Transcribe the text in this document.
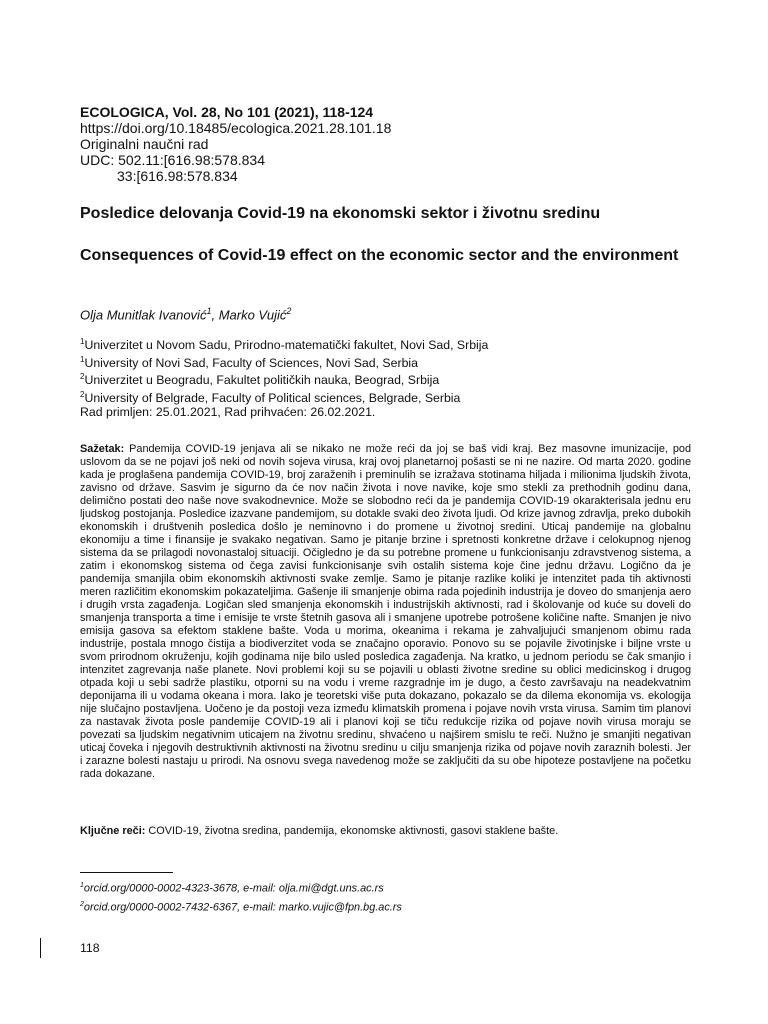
ECOLOGICA, Vol. 28, No 101 (2021), 118-124
https://doi.org/10.18485/ecologica.2021.28.101.18
Originalni naučni rad
UDC: 502.11:[616.98:578.834
33:[616.98:578.834
Posledice delovanja Covid-19 na ekonomski sektor i životnu sredinu
Consequences of Covid-19 effect on the economic sector and the environment
Olja Munitlak Ivanović$^1$, Marko Vujić$^2$
$^1$Univerzitet u Novom Sadu, Prirodno-matematički fakultet, Novi Sad, Srbija
$^1$University of Novi Sad, Faculty of Sciences, Novi Sad, Serbia
$^2$Univerzitet u Beogradu, Fakultet političkih nauka, Beograd, Srbija
$^2$University of Belgrade, Faculty of Political sciences, Belgrade, Serbia
Rad primljen: 25.01.2021, Rad prihvaćen: 26.02.2021.
Sažetak: Pandemija COVID-19 jenjava ali se nikako ne može reći da joj se baš vidi kraj. Bez masovne imunizacije, pod uslovom da se ne pojavi još neki od novih sojeva virusa, kraj ovoj planetarnoj pošasti se ni ne nazire. Od marta 2020. godine kada je proglašena pandemija COVID-19, broj zaraženih i preminulih se izražava stotinama hiljada i milionima ljudskih života, zavisno od države. Sasvim je sigurno da će nov način života i nove navike, koje smo stekli za prethodnih godinu dana, delimično postati deo naše nove svakodnevnice. Može se slobodno reći da je pandemija COVID-19 okarakterisala jednu eru ljudskog postojanja. Posledice izazvane pandemijom, su dotakle svaki deo života ljudi. Od krize javnog zdravlja, preko dubokih ekonomskih i društvenih posledica došlo je neminovno i do promene u životnoj sredini. Uticaj pandemije na globalnu ekonomiju a time i finansije je svakako negativan. Samo je pitanje brzine i spretnosti konkretne države i celokupnog njenog sistema da se prilagodi novonastaloj situaciji. Očigledno je da su potrebne promene u funkcionisanju zdravstvenog sistema, a zatim i ekonomskog sistema od čega zavisi funkcionisanje svih ostalih sistema koje čine jednu državu. Logično da je pandemija smanjila obim ekonomskih aktivnosti svake zemlje. Samo je pitanje razlike koliki je intenzitet pada tih aktivnosti meren različitim ekonomskim pokazateljima. Gašenje ili smanjenje obima rada pojedinih industrija je doveo do smanjenja aero i drugih vrsta zagađenja. Logičan sled smanjenja ekonomskih i industrijskih aktivnosti, rad i školovanje od kuće su doveli do smanjenja transporta a time i emisije te vrste štetnih gasova ali i smanjene upotrebe potrošene količine nafte. Smanjen je nivo emisija gasova sa efektom staklene bašte. Voda u morima, okeanima i rekama je zahvaljujući smanjenom obimu rada industrije, postala mnogo čistija a biodiverzitet voda se značajno oporavio. Ponovo su se pojavile životinjske i biljne vrste u svom prirodnom okruženju, kojih godinama nije bilo usled posledica zagađenja. Na kratko, u jednom periodu se čak smanjio i intenzitet zagrevanja naše planete. Novi problemi koji su se pojavili u oblasti životne sredine su oblici medicinskog i drugog otpada koji u sebi sadrže plastiku, otporni su na vodu i vreme razgradnje im je dugo, a često završavaju na neadekvatnim deponijama ili u vodama okeana i mora. Iako je teoretski više puta dokazano, pokazalo se da dilema ekonomija vs. ekologija nije slučajno postavljena. Uočeno je da postoji veza između klimatskih promena i pojave novih vrsta virusa. Samim tim planovi za nastavak života posle pandemije COVID-19 ali i planovi koji se tiču redukcije rizika od pojave novih virusa moraju se povezati sa ljudskim negativnim uticajem na životnu sredinu, shvaćeno u najširem smislu te reči. Nužno je smanjiti negativan uticaj čoveka i njegovih destruktivnih aktivnosti na životnu sredinu u cilju smanjenja rizika od pojave novih zaraznih bolesti. Jer i zarazne bolesti nastaju u prirodi. Na osnovu svega navedenog može se zaključiti da su obe hipoteze postavljene na početku rada dokazane.
Ključne reči: COVID-19, životna sredina, pandemija, ekonomske aktivnosti, gasovi staklene bašte.
$^1$orcid.org/0000-0002-4323-3678, e-mail: olja.mi@dgt.uns.ac.rs
$^2$orcid.org/0000-0002-7432-6367, e-mail: marko.vujic@fpn.bg.ac.rs
118
